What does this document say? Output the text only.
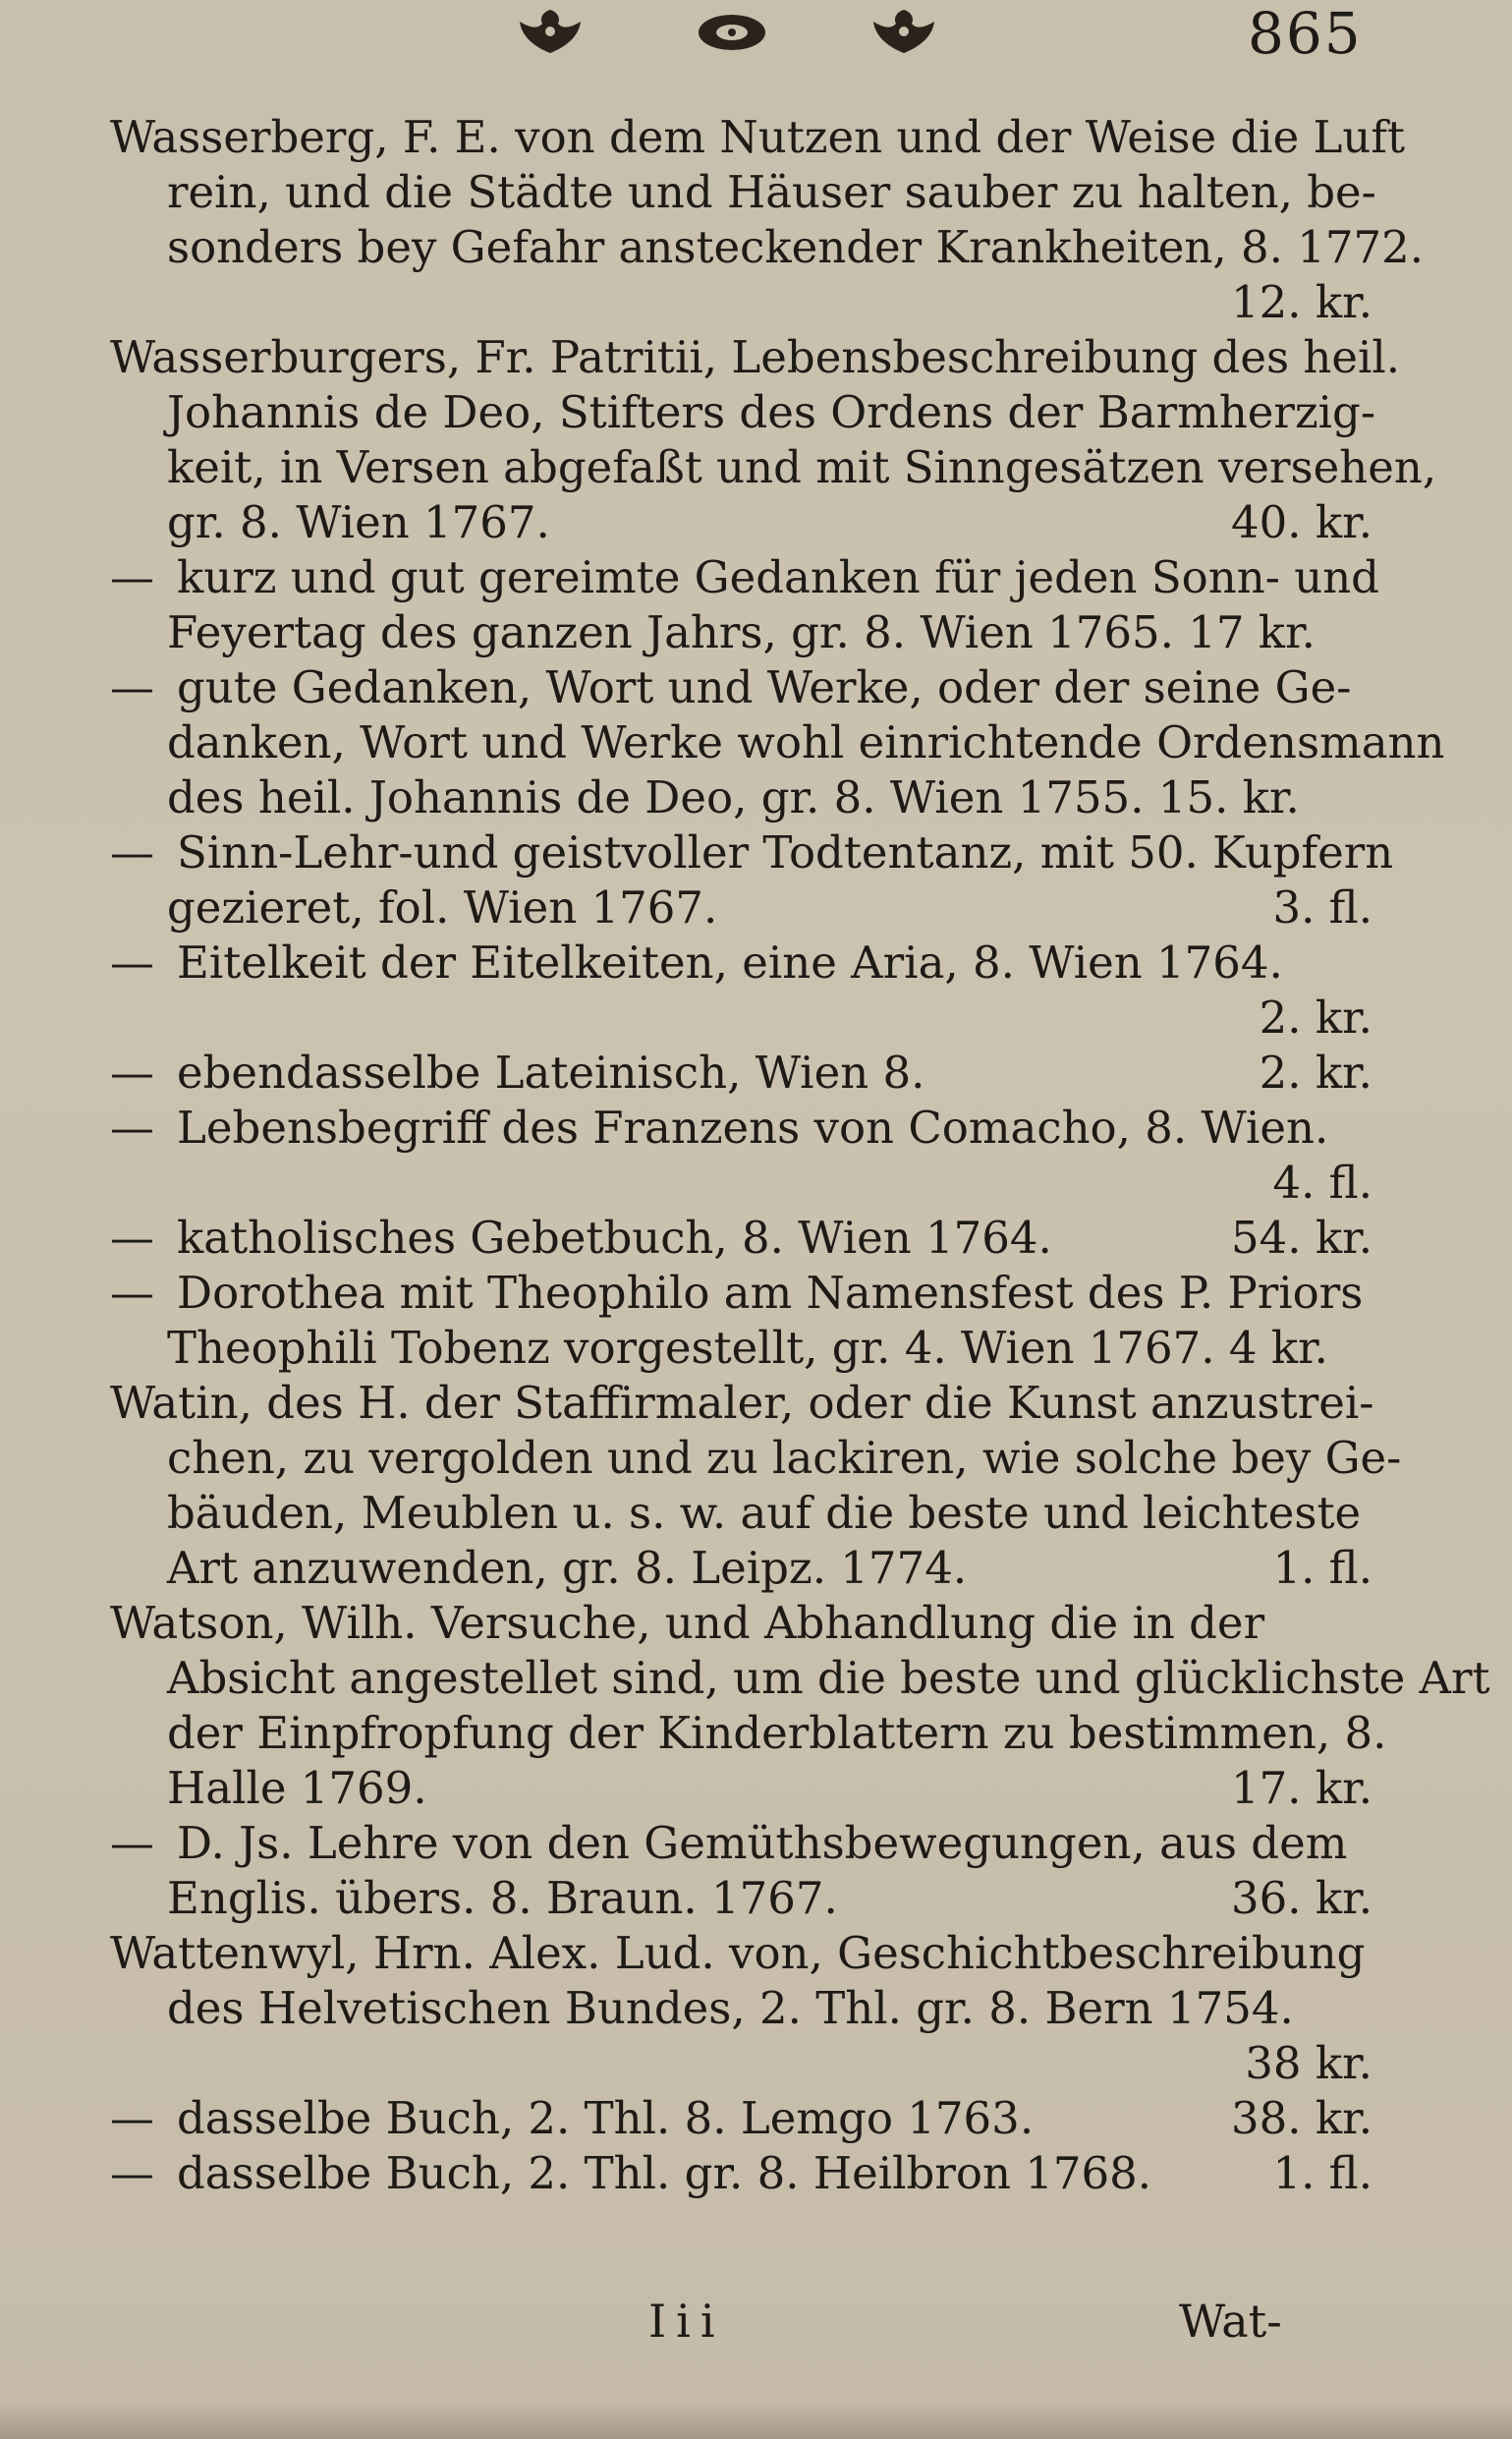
865
Wasserberg, F. E. von dem Nutzen und der Weise die Luft
rein, und die Städte und Häuser sauber zu halten, be-
sonders bey Gefahr ansteckender Krankheiten, 8. 1772.
12. kr.
Wasserburgers, Fr. Patritii, Lebensbeschreibung des heil.
Johannis de Deo, Stifters des Ordens der Barmherzig-
keit, in Versen abgefaßt und mit Sinngesätzen versehen,
gr. 8. Wien 1767.	40. kr.
— kurz und gut gereimte Gedanken für jeden Sonn- und
Feyertag des ganzen Jahrs, gr. 8. Wien 1765. 17 kr.
— gute Gedanken, Wort und Werke, oder der seine Ge-
danken, Wort und Werke wohl einrichtende Ordensmann
des heil. Johannis de Deo, gr. 8. Wien 1755. 15. kr.
— Sinn-Lehr-und geistvoller Todtentanz, mit 50. Kupfern
gezieret, fol. Wien 1767.	3. fl.
— Eitelkeit der Eitelkeiten, eine Aria, 8. Wien 1764.
2. kr.
— ebendasselbe Lateinisch, Wien 8.	2. kr.
— Lebensbegriff des Franzens von Comacho, 8. Wien.
4. fl.
— katholisches Gebetbuch, 8. Wien 1764.	54. kr.
— Dorothea mit Theophilo am Namensfest des P. Priors
Theophili Tobenz vorgestellt, gr. 4. Wien 1767. 4 kr.
Watin, des H. der Staffirmaler, oder die Kunst anzustrei-
chen, zu vergolden und zu lackiren, wie solche bey Ge-
bäuden, Meublen u. s. w. auf die beste und leichteste
Art anzuwenden, gr. 8. Leipz. 1774.	1. fl.
Watson, Wilh. Versuche, und Abhandlung die in der
Absicht angestellet sind, um die beste und glücklichste Art
der Einpfropfung der Kinderblattern zu bestimmen, 8.
Halle 1769.	17. kr.
— D. Js. Lehre von den Gemüthsbewegungen, aus dem
Englis. übers. 8. Braun. 1767.	36. kr.
Wattenwyl, Hrn. Alex. Lud. von, Geschichtbeschreibung
des Helvetischen Bundes, 2. Thl. gr. 8. Bern 1754.
38 kr.
— dasselbe Buch, 2. Thl. 8. Lemgo 1763.	38. kr.
— dasselbe Buch, 2. Thl. gr. 8. Heilbron 1768.	1. fl.
Iii	Wat-
